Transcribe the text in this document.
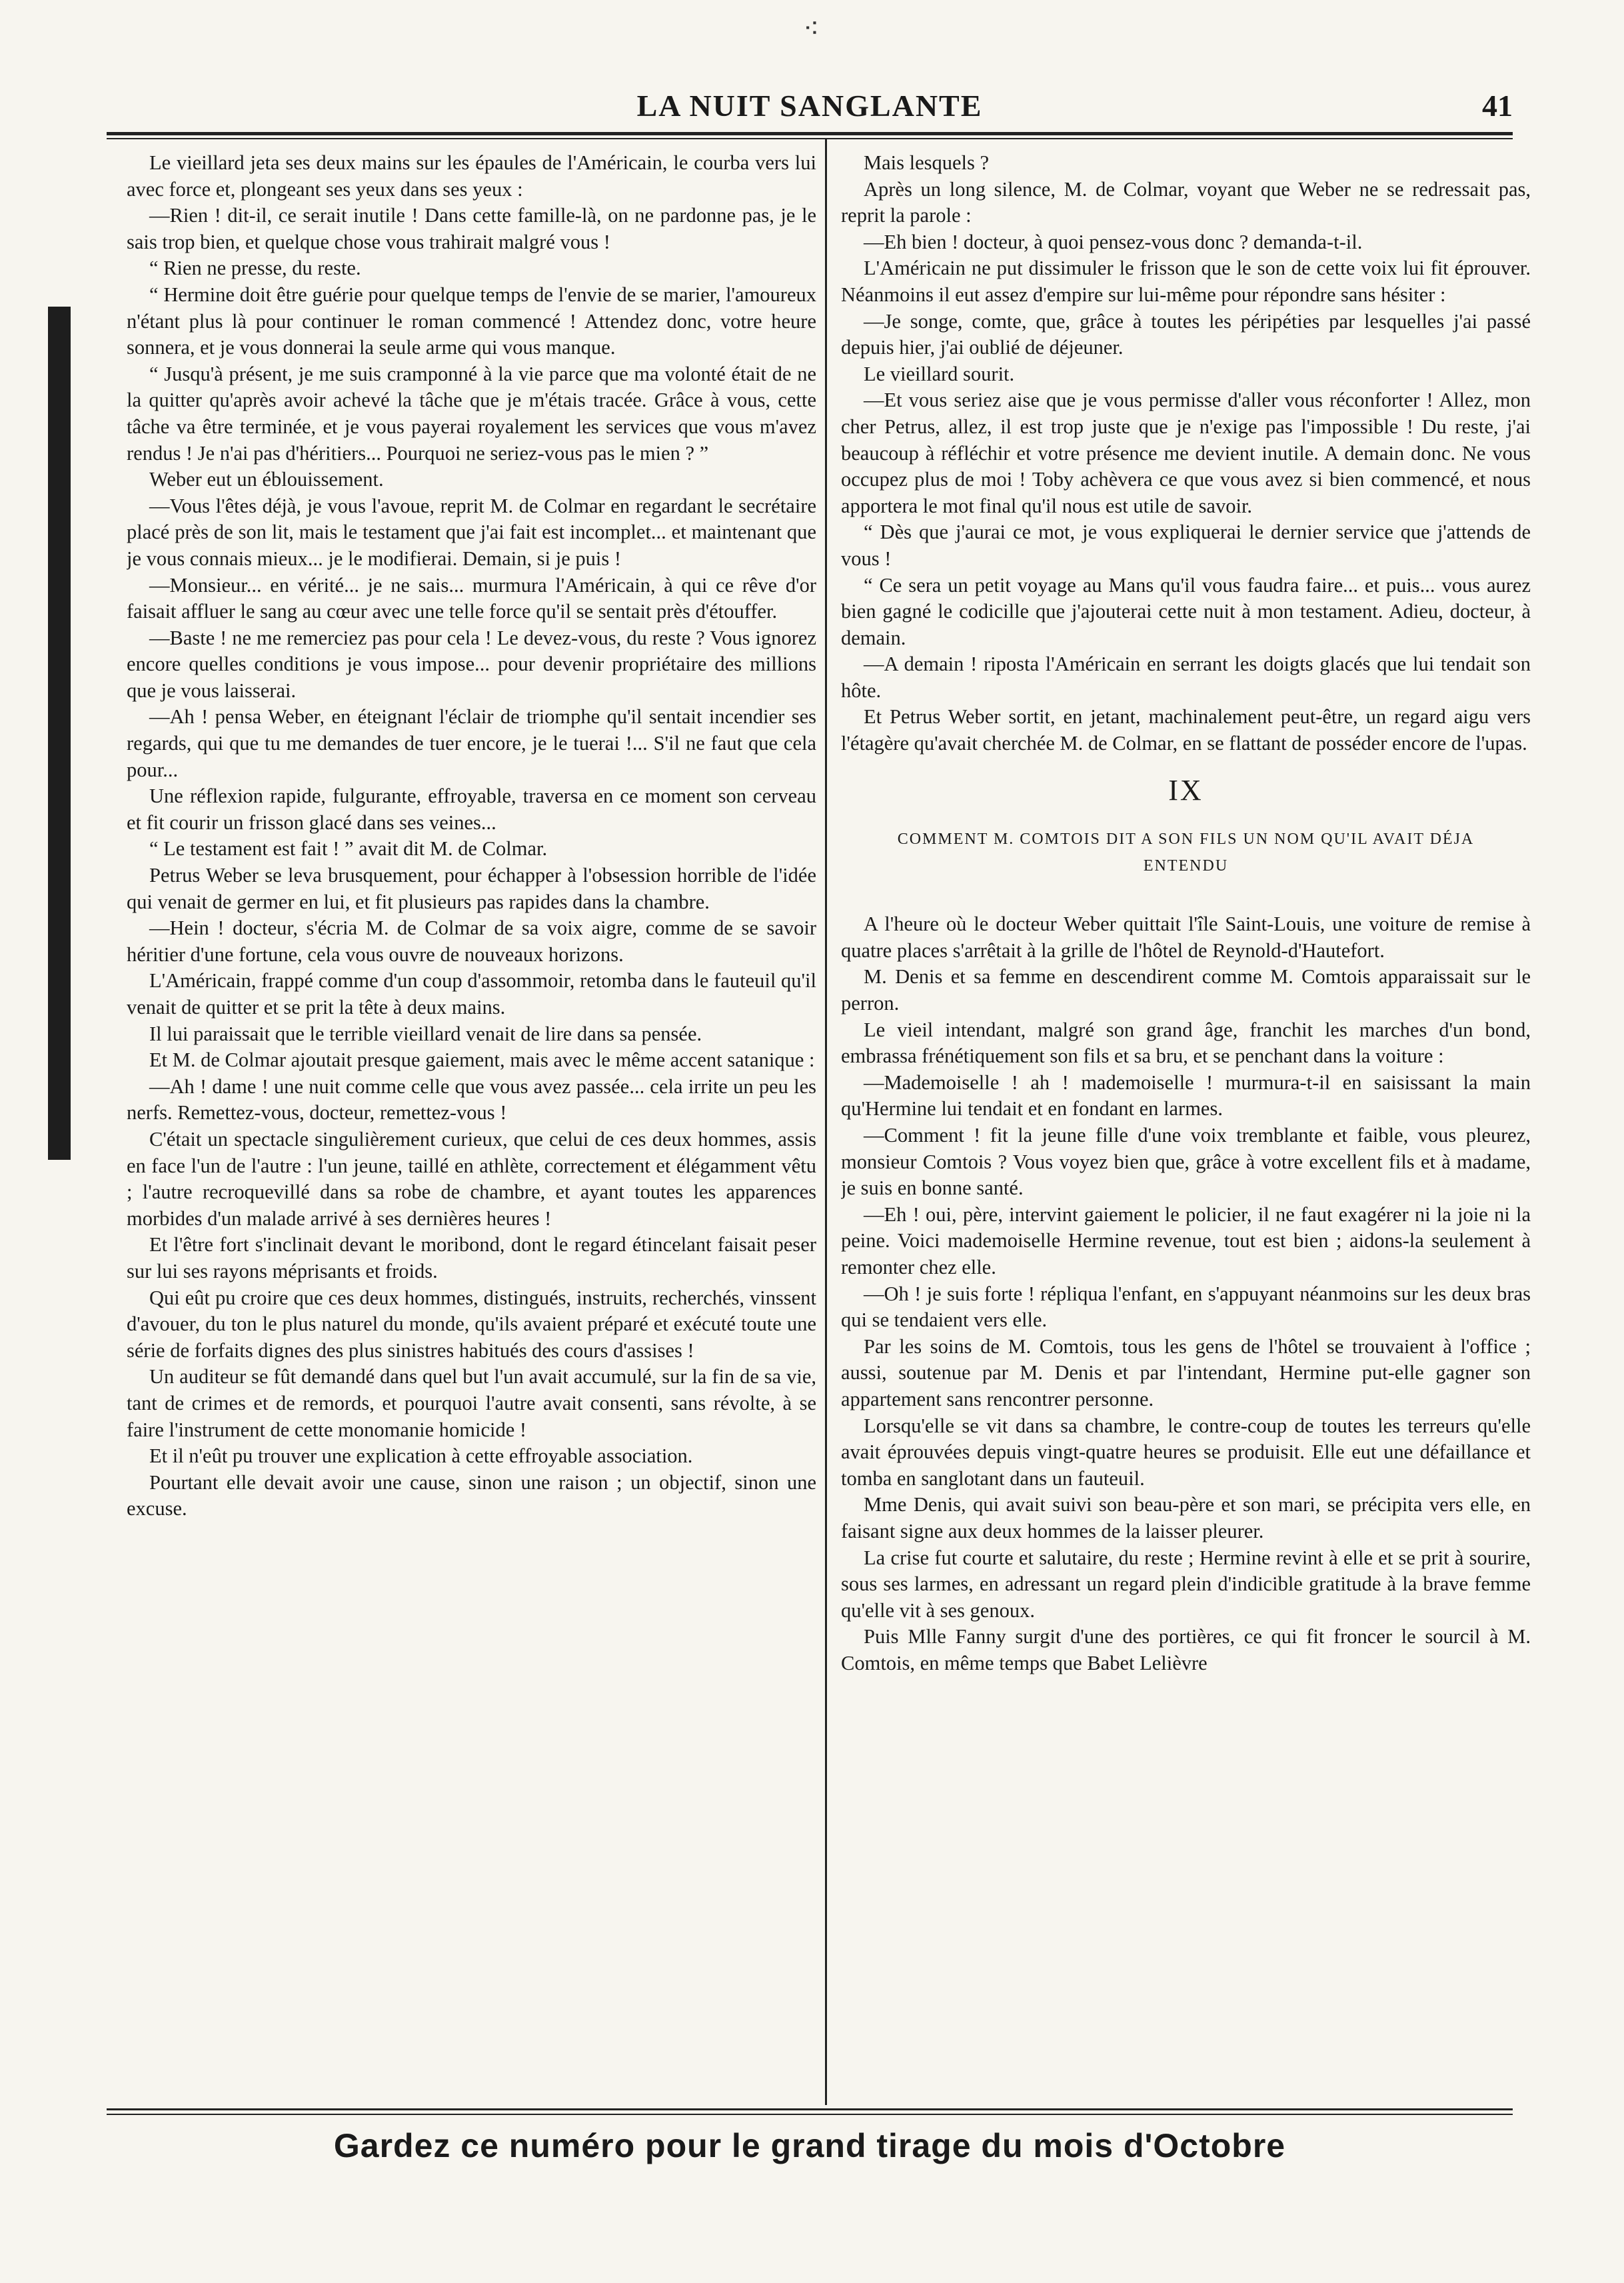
⁖
LA NUIT SANGLANTE	41

Le vieillard jeta ses deux mains sur les épaules de l'Américain, le courba vers lui avec force et, plongeant ses yeux dans ses yeux :

—Rien ! dit-il, ce serait inutile ! Dans cette famille-là, on ne pardonne pas, je le sais trop bien, et quelque chose vous trahirait malgré vous !

“ Rien ne presse, du reste.

“ Hermine doit être guérie pour quelque temps de l'envie de se marier, l'amoureux n'étant plus là pour continuer le roman commencé ! Attendez donc, votre heure sonnera, et je vous donnerai la seule arme qui vous manque.

“ Jusqu'à présent, je me suis cramponné à la vie parce que ma volonté était de ne la quitter qu'après avoir achevé la tâche que je m'étais tracée. Grâce à vous, cette tâche va être terminée, et je vous payerai royalement les services que vous m'avez rendus ! Je n'ai pas d'héritiers... Pourquoi ne seriez-vous pas le mien ? ”

Weber eut un éblouissement.

—Vous l'êtes déjà, je vous l'avoue, reprit M. de Colmar en regardant le secrétaire placé près de son lit, mais le testament que j'ai fait est incomplet... et maintenant que je vous connais mieux... je le modifierai. Demain, si je puis !

—Monsieur... en vérité... je ne sais... murmura l'Américain, à qui ce rêve d'or faisait affluer le sang au cœur avec une telle force qu'il se sentait près d'étouffer.

—Baste ! ne me remerciez pas pour cela ! Le devez-vous, du reste ? Vous ignorez encore quelles conditions je vous impose... pour devenir propriétaire des millions que je vous laisserai.

—Ah ! pensa Weber, en éteignant l'éclair de triomphe qu'il sentait incendier ses regards, qui que tu me demandes de tuer encore, je le tuerai !... S'il ne faut que cela pour...

Une réflexion rapide, fulgurante, effroyable, traversa en ce moment son cerveau et fit courir un frisson glacé dans ses veines...

“ Le testament est fait ! ” avait dit M. de Colmar.

Petrus Weber se leva brusquement, pour échapper à l'obsession horrible de l'idée qui venait de germer en lui, et fit plusieurs pas rapides dans la chambre.

—Hein ! docteur, s'écria M. de Colmar de sa voix aigre, comme de se savoir héritier d'une fortune, cela vous ouvre de nouveaux horizons.

L'Américain, frappé comme d'un coup d'assommoir, retomba dans le fauteuil qu'il venait de quitter et se prit la tête à deux mains.

Il lui paraissait que le terrible vieillard venait de lire dans sa pensée.

Et M. de Colmar ajoutait presque gaiement, mais avec le même accent satanique :

—Ah ! dame ! une nuit comme celle que vous avez passée... cela irrite un peu les nerfs. Remettez-vous, docteur, remettez-vous !

C'était un spectacle singulièrement curieux, que celui de ces deux hommes, assis en face l'un de l'autre : l'un jeune, taillé en athlète, correctement et élégamment vêtu ; l'autre recroquevillé dans sa robe de chambre, et ayant toutes les apparences morbides d'un malade arrivé à ses dernières heures !

Et l'être fort s'inclinait devant le moribond, dont le regard étincelant faisait peser sur lui ses rayons méprisants et froids.

Qui eût pu croire que ces deux hommes, distingués, instruits, recherchés, vinssent d'avouer, du ton le plus naturel du monde, qu'ils avaient préparé et exécuté toute une série de forfaits dignes des plus sinistres habitués des cours d'assises !

Un auditeur se fût demandé dans quel but l'un avait accumulé, sur la fin de sa vie, tant de crimes et de remords, et pourquoi l'autre avait consenti, sans révolte, à se faire l'instrument de cette monomanie homicide !

Et il n'eût pu trouver une explication à cette effroyable association.

Pourtant elle devait avoir une cause, sinon une raison ; un objectif, sinon une excuse.

Mais lesquels ?

Après un long silence, M. de Colmar, voyant que Weber ne se redressait pas, reprit la parole :

—Eh bien ! docteur, à quoi pensez-vous donc ? demanda-t-il.

L'Américain ne put dissimuler le frisson que le son de cette voix lui fit éprouver. Néanmoins il eut assez d'empire sur lui-même pour répondre sans hésiter :

—Je songe, comte, que, grâce à toutes les péripéties par lesquelles j'ai passé depuis hier, j'ai oublié de déjeuner.

Le vieillard sourit.

—Et vous seriez aise que je vous permisse d'aller vous réconforter ! Allez, mon cher Petrus, allez, il est trop juste que je n'exige pas l'impossible ! Du reste, j'ai beaucoup à réfléchir et votre présence me devient inutile. A demain donc. Ne vous occupez plus de moi ! Toby achèvera ce que vous avez si bien commencé, et nous apportera le mot final qu'il nous est utile de savoir.

“ Dès que j'aurai ce mot, je vous expliquerai le dernier service que j'attends de vous !

“ Ce sera un petit voyage au Mans qu'il vous faudra faire... et puis... vous aurez bien gagné le codicille que j'ajouterai cette nuit à mon testament. Adieu, docteur, à demain.

—A demain ! riposta l'Américain en serrant les doigts glacés que lui tendait son hôte.

Et Petrus Weber sortit, en jetant, machinalement peut-être, un regard aigu vers l'étagère qu'avait cherchée M. de Colmar, en se flattant de posséder encore de l'upas.

IX

COMMENT M. COMTOIS DIT A SON FILS UN NOM QU'IL AVAIT DÉJA ENTENDU

A l'heure où le docteur Weber quittait l'île Saint-Louis, une voiture de remise à quatre places s'arrêtait à la grille de l'hôtel de Reynold-d'Hautefort.

M. Denis et sa femme en descendirent comme M. Comtois apparaissait sur le perron.

Le vieil intendant, malgré son grand âge, franchit les marches d'un bond, embrassa frénétiquement son fils et sa bru, et se penchant dans la voiture :

—Mademoiselle ! ah ! mademoiselle ! murmura-t-il en saisissant la main qu'Hermine lui tendait et en fondant en larmes.

—Comment ! fit la jeune fille d'une voix tremblante et faible, vous pleurez, monsieur Comtois ? Vous voyez bien que, grâce à votre excellent fils et à madame, je suis en bonne santé.

—Eh ! oui, père, intervint gaiement le policier, il ne faut exagérer ni la joie ni la peine. Voici mademoiselle Hermine revenue, tout est bien ; aidons-la seulement à remonter chez elle.

—Oh ! je suis forte ! répliqua l'enfant, en s'appuyant néanmoins sur les deux bras qui se tendaient vers elle.

Par les soins de M. Comtois, tous les gens de l'hôtel se trouvaient à l'office ; aussi, soutenue par M. Denis et par l'intendant, Hermine put-elle gagner son appartement sans rencontrer personne.

Lorsqu'elle se vit dans sa chambre, le contre-coup de toutes les terreurs qu'elle avait éprouvées depuis vingt-quatre heures se produisit. Elle eut une défaillance et tomba en sanglotant dans un fauteuil.

Mme Denis, qui avait suivi son beau-père et son mari, se précipita vers elle, en faisant signe aux deux hommes de la laisser pleurer.

La crise fut courte et salutaire, du reste ; Hermine revint à elle et se prit à sourire, sous ses larmes, en adressant un regard plein d'indicible gratitude à la brave femme qu'elle vit à ses genoux.

Puis Mlle Fanny surgit d'une des portières, ce qui fit froncer le sourcil à M. Comtois, en même temps que Babet Lelièvre

Gardez ce numéro pour le grand tirage du mois d'Octobre
